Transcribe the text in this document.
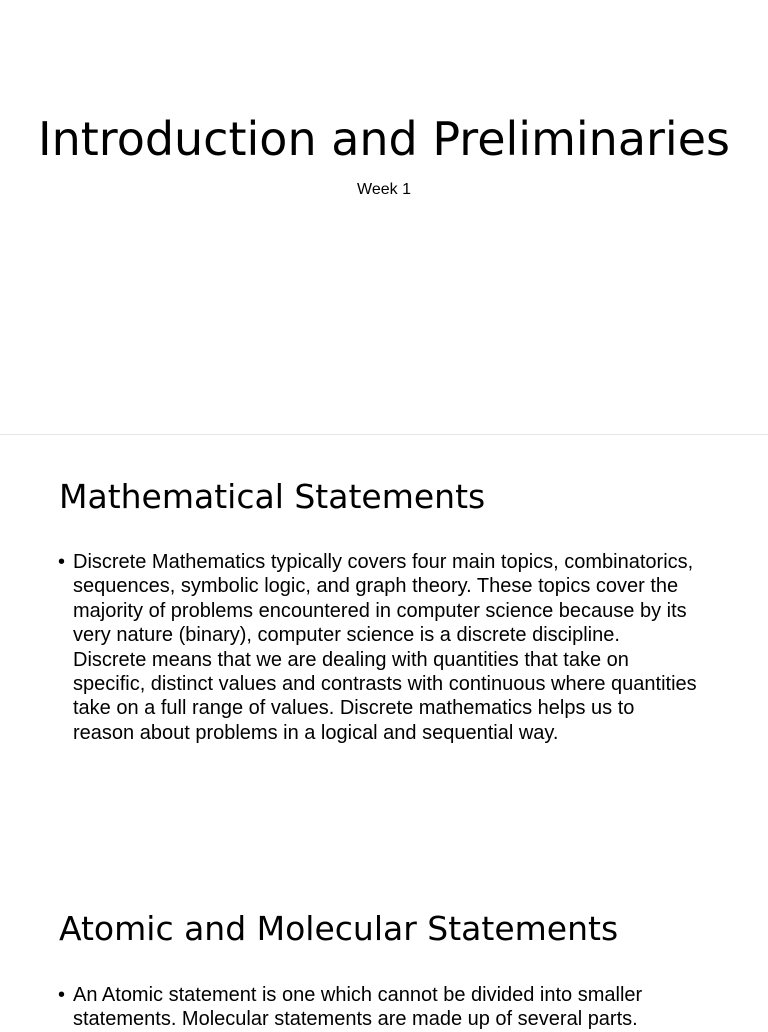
Introduction and Preliminaries
Week 1
Mathematical Statements
• Discrete Mathematics typically covers four main topics, combinatorics, sequences, symbolic logic, and graph theory. These topics cover the majority of problems encountered in computer science because by its very nature (binary), computer science is a discrete discipline. Discrete means that we are dealing with quantities that take on specific, distinct values and contrasts with continuous where quantities take on a full range of values. Discrete mathematics helps us to reason about problems in a logical and sequential way.
Atomic and Molecular Statements
• An Atomic statement is one which cannot be divided into smaller statements. Molecular statements are made up of several parts.
